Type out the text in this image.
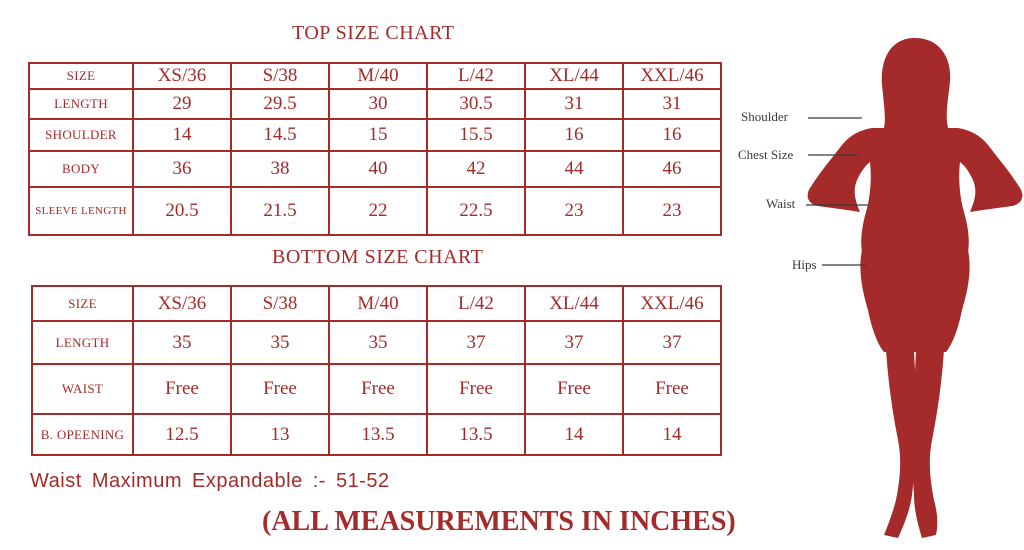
TOP SIZE CHART
BOTTOM SIZE CHART
SIZE	XS/36	S/38	M/40	L/42	XL/44	XXL/46
LENGTH	29	29.5	30	30.5	31	31
SHOULDER	14	14.5	15	15.5	16	16
BODY	36	38	40	42	44	46
SLEEVE LENGTH	20.5	21.5	22	22.5	23	23
SIZE	XS/36	S/38	M/40	L/42	XL/44	XXL/46
LENGTH	35	35	35	37	37	37
WAIST	Free	Free	Free	Free	Free	Free
B. OPEENING	12.5	13	13.5	13.5	14	14
Waist Maximum Expandable :- 51-52
(ALL MEASUREMENTS IN INCHES)
Shoulder
Chest Size
Waist
Hips
